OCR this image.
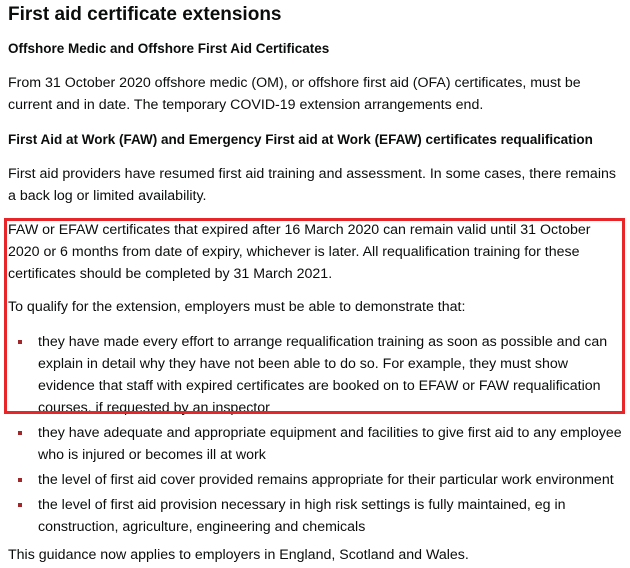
First aid certificate extensions
Offshore Medic and Offshore First Aid Certificates

From 31 October 2020 offshore medic (OM), or offshore first aid (OFA) certificates, must be current and in date. The temporary COVID-19 extension arrangements end.

First Aid at Work (FAW) and Emergency First aid at Work (EFAW) certificates requalification

First aid providers have resumed first aid training and assessment. In some cases, there remains a back log or limited availability.

FAW or EFAW certificates that expired after 16 March 2020 can remain valid until 31 October 2020 or 6 months from date of expiry, whichever is later. All requalification training for these certificates should be completed by 31 March 2021.

To qualify for the extension, employers must be able to demonstrate that:

they have made every effort to arrange requalification training as soon as possible and can explain in detail why they have not been able to do so. For example, they must show evidence that staff with expired certificates are booked on to EFAW or FAW requalification courses, if requested by an inspector
they have adequate and appropriate equipment and facilities to give first aid to any employee who is injured or becomes ill at work
the level of first aid cover provided remains appropriate for their particular work environment
the level of first aid provision necessary in high risk settings is fully maintained, eg in construction, agriculture, engineering and chemicals

This guidance now applies to employers in England, Scotland and Wales.
